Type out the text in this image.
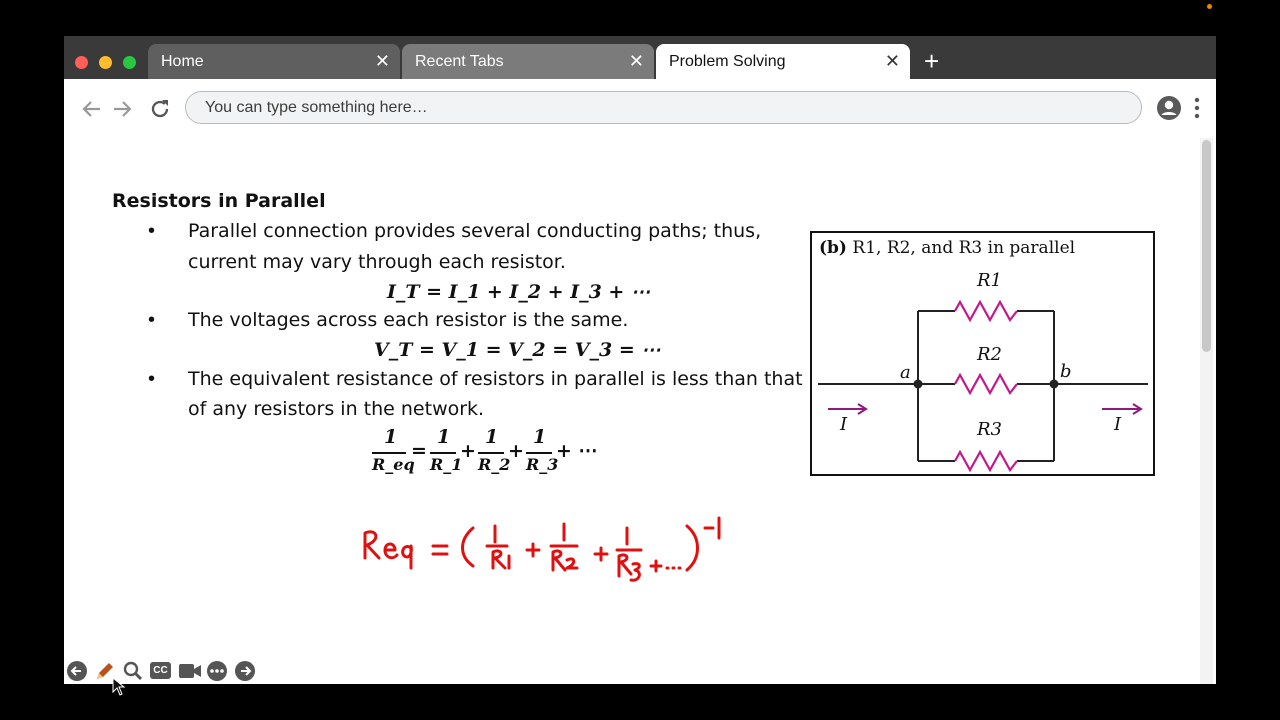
Home	✕	Recent Tabs	✕	Problem Solving	✕ +
You can type something here…
Resistors in Parallel
• Parallel connection provides several conducting paths; thus,
current may vary through each resistor.
I_T = I_1 + I_2 + I_3 + ⋯
• The voltages across each resistor is the same.
V_T = V_1 = V_2 = V_3 = ⋯
• The equivalent resistance of resistors in parallel is less than that
of any resistors in the network.
1
R_eq
=
1
R_1
+
1
R_2
+
1
R_3
+ ⋯
Req = ( 1/R1 + 1/R2 + 1/R3 + ... )^-1
(b) R1, R2, and R3 in parallel
R1
R2
R3
a	b
I	I
CC
